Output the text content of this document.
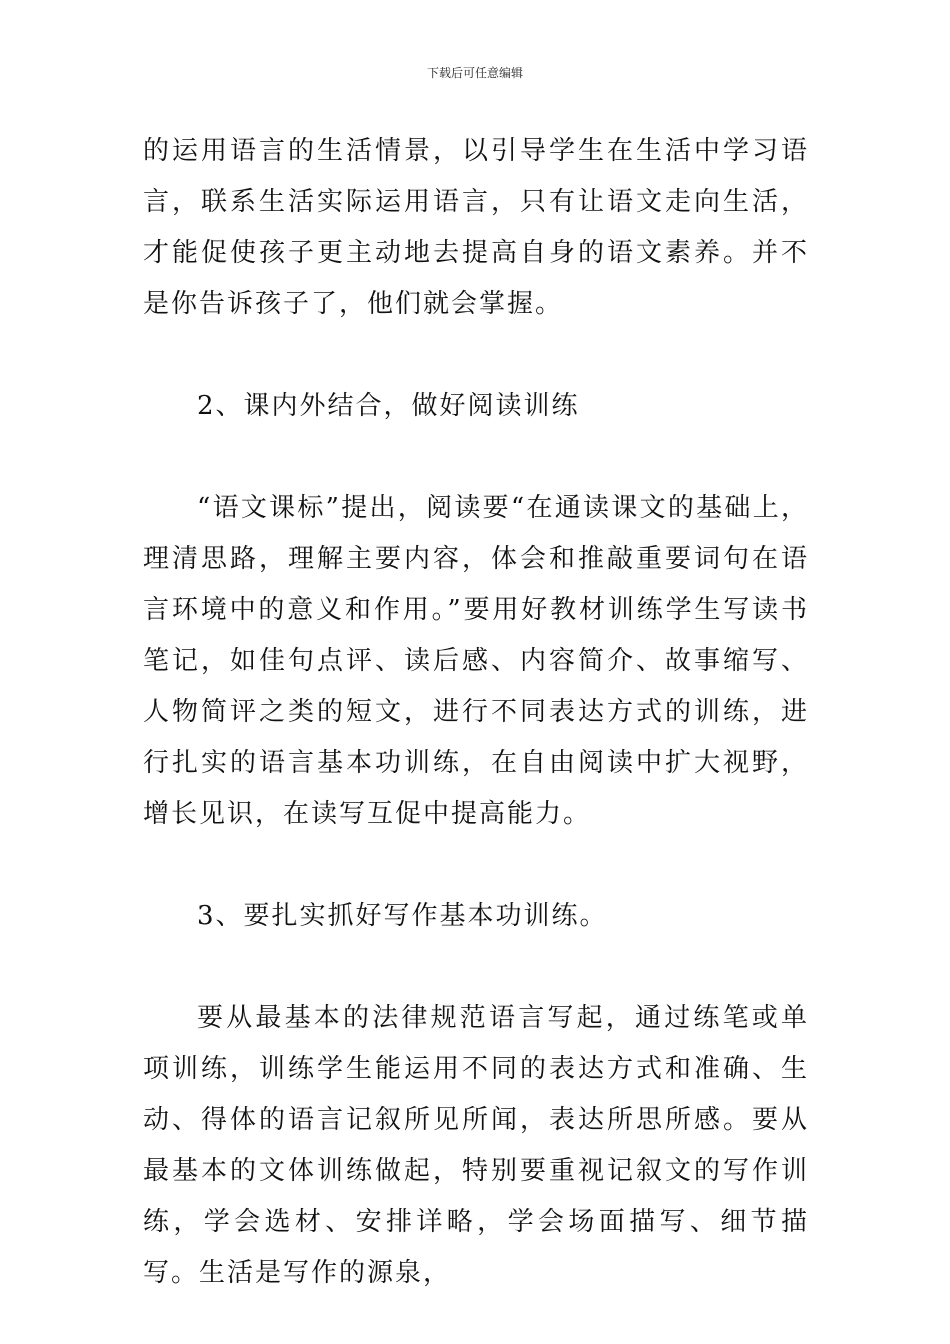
下载后可任意编辑

的运用语言的生活情景，以引导学生在生活中学习语言，联系生活实际运用语言，只有让语文走向生活，才能促使孩子更主动地去提高自身的语文素养。并不是你告诉孩子了，他们就会掌握。

2、课内外结合，做好阅读训练

“语文课标”提出，阅读要“在通读课文的基础上，理清思路，理解主要内容，体会和推敲重要词句在语言环境中的意义和作用。”要用好教材训练学生写读书笔记，如佳句点评、读后感、内容简介、故事缩写、人物简评之类的短文，进行不同表达方式的训练，进行扎实的语言基本功训练，在自由阅读中扩大视野，增长见识，在读写互促中提高能力。

3、要扎实抓好写作基本功训练。

要从最基本的法律规范语言写起，通过练笔或单项训练，训练学生能运用不同的表达方式和准确、生动、得体的语言记叙所见所闻，表达所思所感。要从最基本的文体训练做起，特别要重视记叙文的写作训练，学会选材、安排详略，学会场面描写、细节描写。生活是写作的源泉，
